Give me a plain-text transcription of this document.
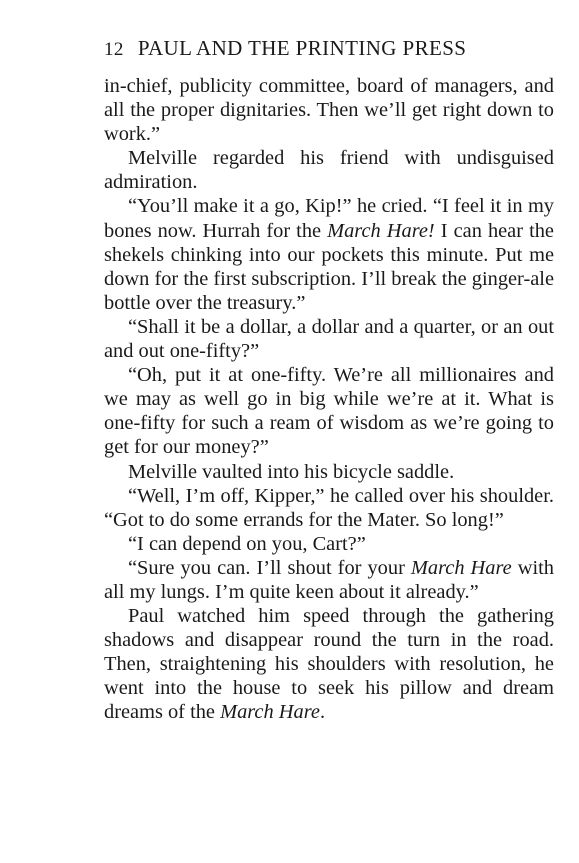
12 PAUL AND THE PRINTING PRESS

in-chief, publicity committee, board of managers, and all the proper dignitaries. Then we’ll get right down to work.”

Melville regarded his friend with undisguised admiration.

“You’ll make it a go, Kip!” he cried. “I feel it in my bones now. Hurrah for the March Hare! I can hear the shekels chinking into our pockets this minute. Put me down for the first subscription. I’ll break the ginger-ale bottle over the treasury.”

“Shall it be a dollar, a dollar and a quarter, or an out and out one-fifty?”

“Oh, put it at one-fifty. We’re all millionaires and we may as well go in big while we’re at it. What is one-fifty for such a ream of wisdom as we’re going to get for our money?”

Melville vaulted into his bicycle saddle.

“Well, I’m off, Kipper,” he called over his shoulder. “Got to do some errands for the Mater. So long!”

“I can depend on you, Cart?”

“Sure you can. I’ll shout for your March Hare with all my lungs. I’m quite keen about it already.”

Paul watched him speed through the gathering shadows and disappear round the turn in the road. Then, straightening his shoulders with resolution, he went into the house to seek his pillow and dream dreams of the March Hare.
